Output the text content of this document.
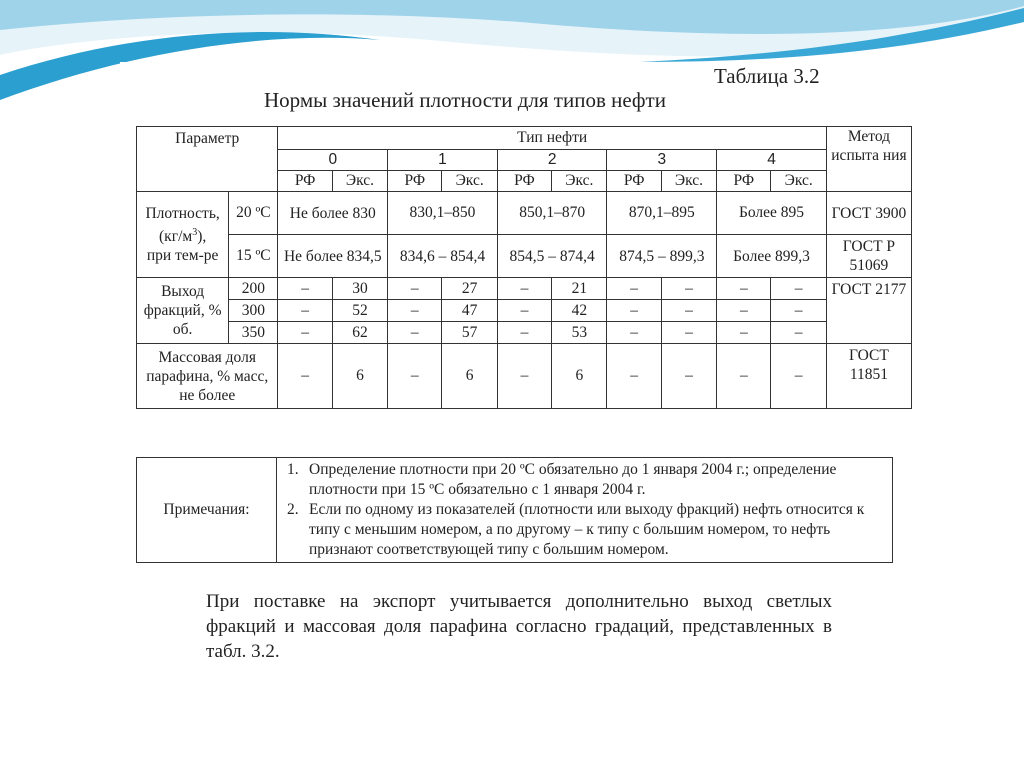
Таблица 3.2
Нормы значений плотности для типов нефти
Параметр		Тип нефти										Метод испыта ния
		0		1		2		3		4		
		РФ	Экс.	РФ	Экс.	РФ	Экс.	РФ	Экс.	РФ	Экс.	
Плотность,
$(кг/м^3)$,
при тем-ре	20 ºС	Не более 830		830,1–850		850,1–870		870,1–895		Более 895		ГОСТ 3900
	15 ºС	Не более 834,5		834,6 – 854,4		854,5 – 874,4		874,5 – 899,3		Более 899,3		ГОСТ Р 51069
Выход фракций, % об.	200	–	30	–	27	–	21	–	–	–	–	ГОСТ 2177
	300	–	52	–	47	–	42	–	–	–	–	
	350	–	62	–	57	–	53	–	–	–	–	
Массовая доля парафина, % масс, не более		–	6	–	6	–	6	–	–	–	–	ГОСТ 11851
Примечания:	
1. Определение плотности при 20 ºС обязательно до 1 января 2004 г.; определение плотности при 15 ºС обязательно с 1 января 2004 г.
2. Если по одному из показателей (плотности или выходу фракций) нефть относится к типу с меньшим номером, а по другому – к типу с большим номером, то нефть признают соответствующей типу с большим номером.
При поставке на экспорт учитывается дополнительно выход светлых фракций и массовая доля парафина согласно градаций, представленных в табл. 3.2.
